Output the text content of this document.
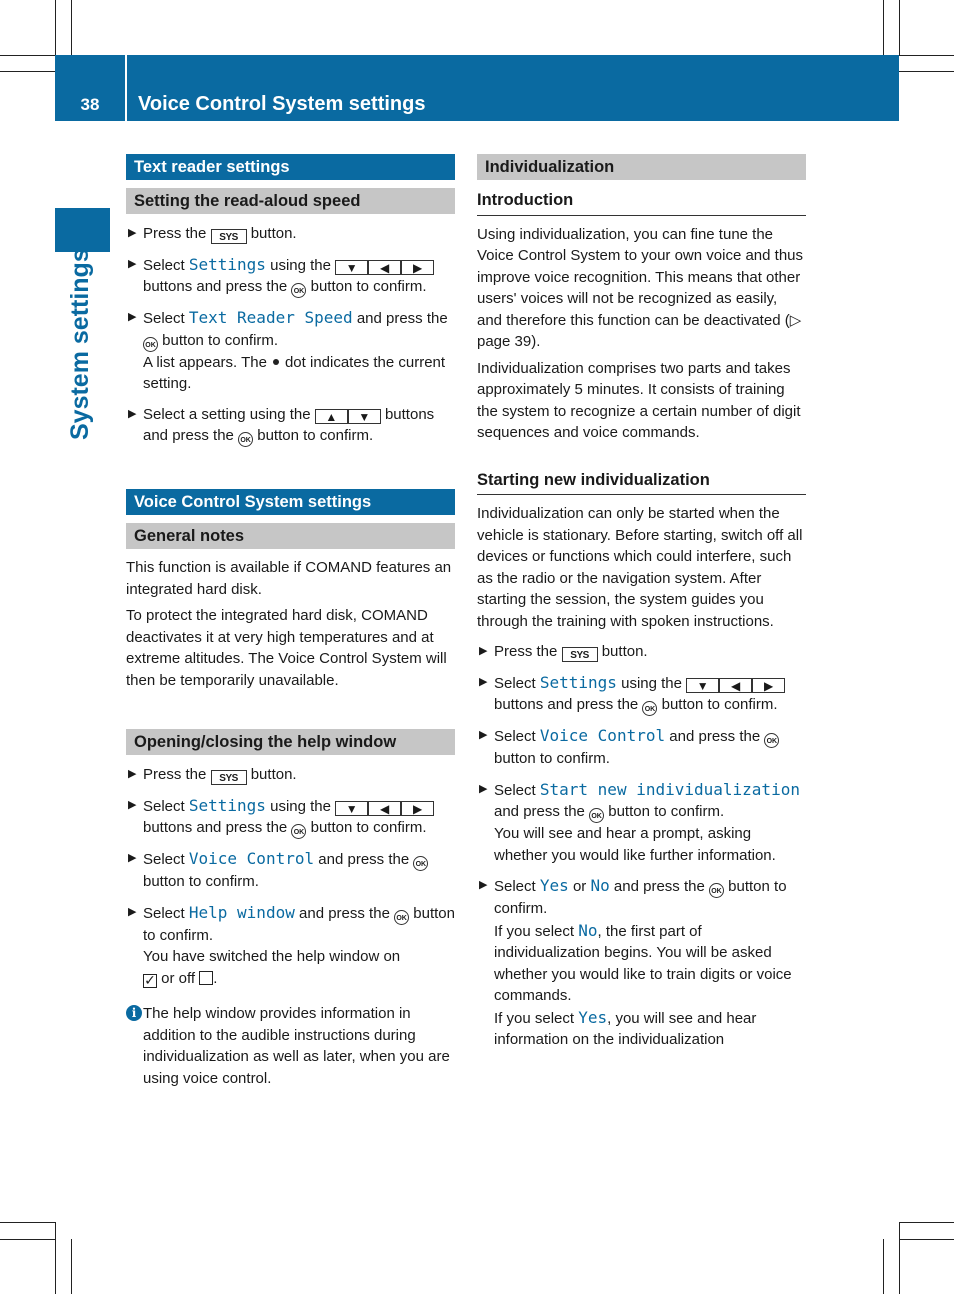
38	Voice Control System settings
System settings
Text reader settings
Setting the read-aloud speed
▶ Press the SYS button.
▶ Select Settings using the ▼ ◀ ▶ buttons and press the OK button to confirm.
▶ Select Text Reader Speed and press the OK button to confirm.
A list appears. The dot indicates the current setting.
▶ Select a setting using the ▲ ▼ buttons and press the OK button to confirm.
Voice Control System settings
General notes

This function is available if COMAND features an integrated hard disk.

To protect the integrated hard disk, COMAND deactivates it at very high temperatures and at extreme altitudes. The Voice Control System will then be temporarily unavailable.

Opening/closing the help window
▶ Press the SYS button.
▶ Select Settings using the ▼ ◀ ▶ buttons and press the OK button to confirm.
▶ Select Voice Control and press the OK button to confirm.
▶ Select Help window and press the OK button to confirm.
You have switched the help window on
✓ or off .
i The help window provides information in addition to the audible instructions during individualization as well as later, when you are using voice control.
Individualization
Introduction

Using individualization, you can fine tune the Voice Control System to your own voice and thus improve voice recognition. This means that other users' voices will not be recognized as easily, and therefore this function can be deactivated (▷ page 39).

Individualization comprises two parts and takes approximately 5 minutes. It consists of training the system to recognize a certain number of digit sequences and voice commands.

Starting new individualization

Individualization can only be started when the vehicle is stationary. Before starting, switch off all devices or functions which could interfere, such as the radio or the navigation system. After starting the session, the system guides you through the training with spoken instructions.

▶ Press the SYS button.
▶ Select Settings using the ▼ ◀ ▶ buttons and press the OK button to confirm.
▶ Select Voice Control and press the OK button to confirm.
▶ Select Start new individualization and press the OK button to confirm.
You will see and hear a prompt, asking whether you would like further information.
▶ Select Yes or No and press the OK button to confirm.
If you select No, the first part of individualization begins. You will be asked whether you would like to train digits or voice commands.
If you select Yes, you will see and hear information on the individualization
